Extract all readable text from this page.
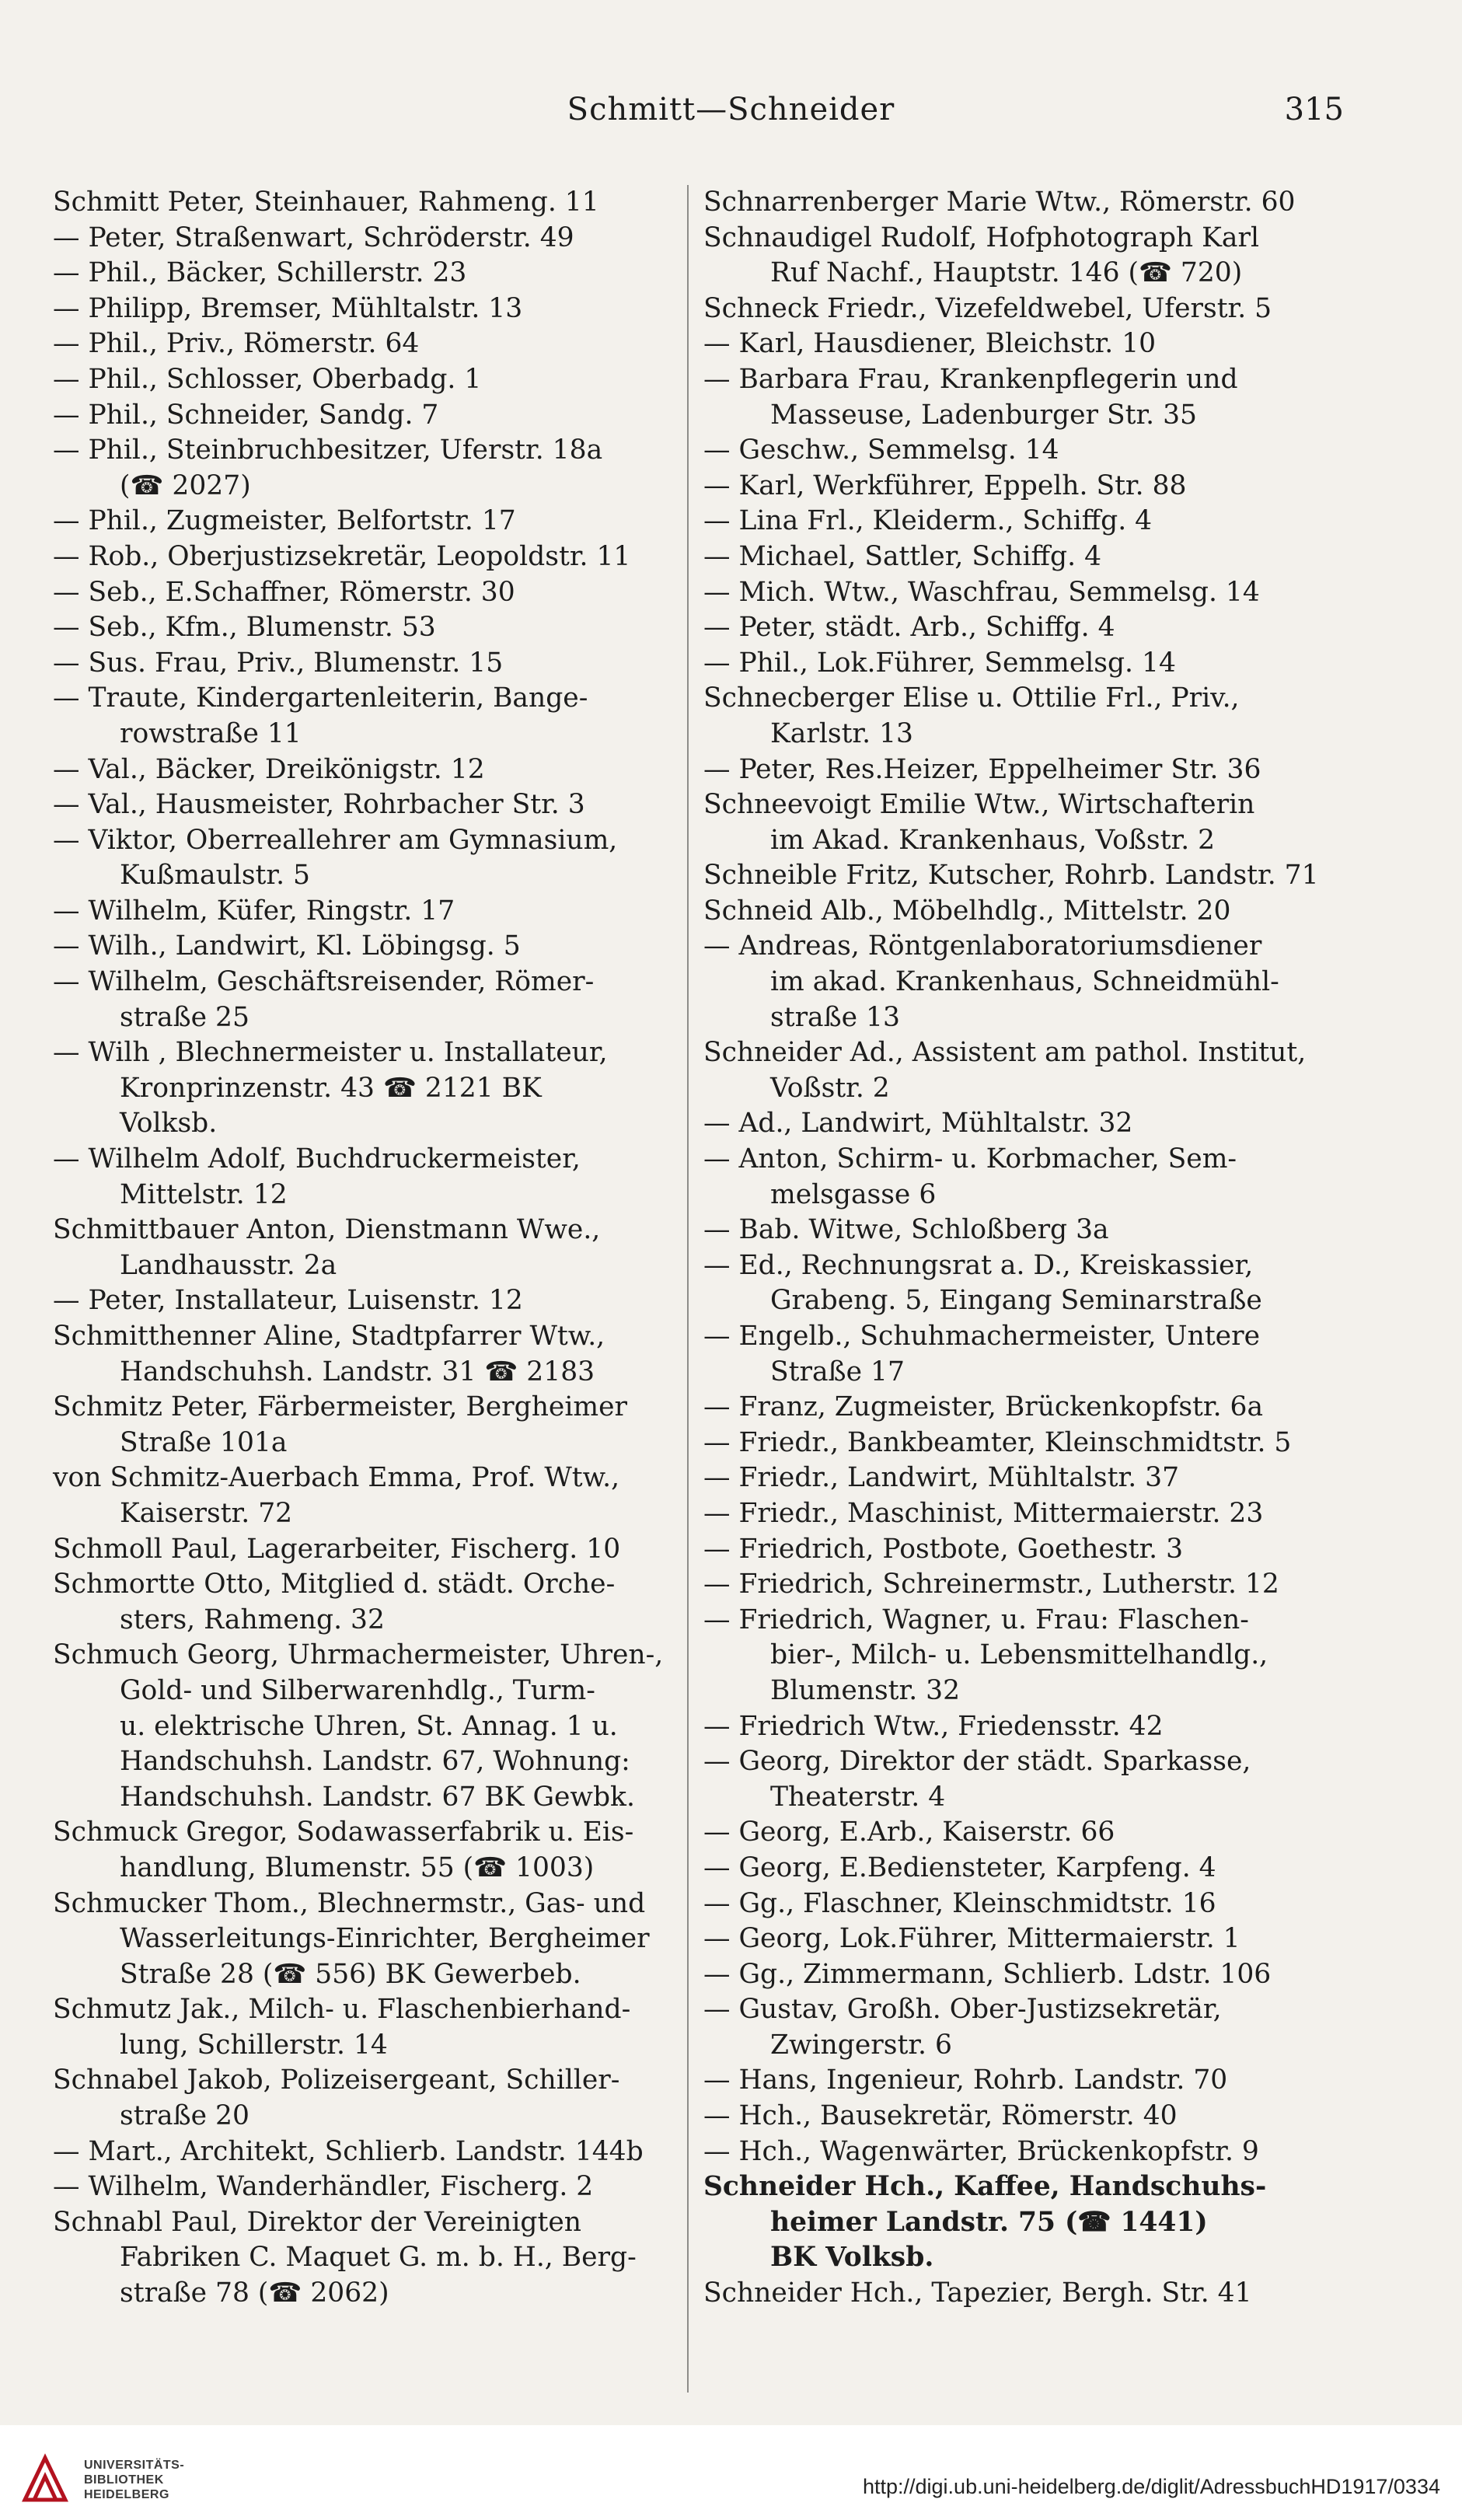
Schmitt—Schneider	315
Schmitt Peter, Steinhauer, Rahmeng. 11
— Peter, Straßenwart, Schröderstr. 49
— Phil., Bäcker, Schillerstr. 23
— Philipp, Bremser, Mühltalstr. 13
— Phil., Priv., Römerstr. 64
— Phil., Schlosser, Oberbadg. 1
— Phil., Schneider, Sandg. 7
— Phil., Steinbruchbesitzer, Uferstr. 18a
(☎ 2027)
— Phil., Zugmeister, Belfortstr. 17
— Rob., Oberjustizsekretär, Leopoldstr. 11
— Seb., E.Schaffner, Römerstr. 30
— Seb., Kfm., Blumenstr. 53
— Sus. Frau, Priv., Blumenstr. 15
— Traute, Kindergartenleiterin, Bange-
rowstraße 11
— Val., Bäcker, Dreikönigstr. 12
— Val., Hausmeister, Rohrbacher Str. 3
— Viktor, Oberreallehrer am Gymnasium,
Kußmaulstr. 5
— Wilhelm, Küfer, Ringstr. 17
— Wilh., Landwirt, Kl. Löbingsg. 5
— Wilhelm, Geschäftsreisender, Römer-
straße 25
— Wilh , Blechnermeister u. Installateur,
Kronprinzenstr. 43 ☎ 2121 BK
Volksb.
— Wilhelm Adolf, Buchdruckermeister,
Mittelstr. 12
Schmittbauer Anton, Dienstmann Wwe.,
Landhausstr. 2a
— Peter, Installateur, Luisenstr. 12
Schmitthenner Aline, Stadtpfarrer Wtw.,
Handschuhsh. Landstr. 31 ☎ 2183
Schmitz Peter, Färbermeister, Bergheimer
Straße 101a
von Schmitz-Auerbach Emma, Prof. Wtw.,
Kaiserstr. 72
Schmoll Paul, Lagerarbeiter, Fischerg. 10
Schmortte Otto, Mitglied d. städt. Orche-
sters, Rahmeng. 32
Schmuch Georg, Uhrmachermeister, Uhren-,
Gold- und Silberwarenhdlg., Turm-
u. elektrische Uhren, St. Annag. 1 u.
Handschuhsh. Landstr. 67, Wohnung:
Handschuhsh. Landstr. 67 BK Gewbk.
Schmuck Gregor, Sodawasserfabrik u. Eis-
handlung, Blumenstr. 55 (☎ 1003)
Schmucker Thom., Blechnermstr., Gas- und
Wasserleitungs-Einrichter, Bergheimer
Straße 28 (☎ 556) BK Gewerbeb.
Schmutz Jak., Milch- u. Flaschenbierhand-
lung, Schillerstr. 14
Schnabel Jakob, Polizeisergeant, Schiller-
straße 20
— Mart., Architekt, Schlierb. Landstr. 144b
— Wilhelm, Wanderhändler, Fischerg. 2
Schnabl Paul, Direktor der Vereinigten
Fabriken C. Maquet G. m. b. H., Berg-
straße 78 (☎ 2062)
Schnarrenberger Marie Wtw., Römerstr. 60
Schnaudigel Rudolf, Hofphotograph Karl
Ruf Nachf., Hauptstr. 146 (☎ 720)
Schneck Friedr., Vizefeldwebel, Uferstr. 5
— Karl, Hausdiener, Bleichstr. 10
— Barbara Frau, Krankenpflegerin und
Masseuse, Ladenburger Str. 35
— Geschw., Semmelsg. 14
— Karl, Werkführer, Eppelh. Str. 88
— Lina Frl., Kleiderm., Schiffg. 4
— Michael, Sattler, Schiffg. 4
— Mich. Wtw., Waschfrau, Semmelsg. 14
— Peter, städt. Arb., Schiffg. 4
— Phil., Lok.Führer, Semmelsg. 14
Schnecberger Elise u. Ottilie Frl., Priv.,
Karlstr. 13
— Peter, Res.Heizer, Eppelheimer Str. 36
Schneevoigt Emilie Wtw., Wirtschafterin
im Akad. Krankenhaus, Voßstr. 2
Schneible Fritz, Kutscher, Rohrb. Landstr. 71
Schneid Alb., Möbelhdlg., Mittelstr. 20
— Andreas, Röntgenlaboratoriumsdiener
im akad. Krankenhaus, Schneidmühl-
straße 13
Schneider Ad., Assistent am pathol. Institut,
Voßstr. 2
— Ad., Landwirt, Mühltalstr. 32
— Anton, Schirm- u. Korbmacher, Sem-
melsgasse 6
— Bab. Witwe, Schloßberg 3a
— Ed., Rechnungsrat a. D., Kreiskassier,
Grabeng. 5, Eingang Seminarstraße
— Engelb., Schuhmachermeister, Untere
Straße 17
— Franz, Zugmeister, Brückenkopfstr. 6a
— Friedr., Bankbeamter, Kleinschmidtstr. 5
— Friedr., Landwirt, Mühltalstr. 37
— Friedr., Maschinist, Mittermaierstr. 23
— Friedrich, Postbote, Goethestr. 3
— Friedrich, Schreinermstr., Lutherstr. 12
— Friedrich, Wagner, u. Frau: Flaschen-
bier-, Milch- u. Lebensmittelhandlg.,
Blumenstr. 32
— Friedrich Wtw., Friedensstr. 42
— Georg, Direktor der städt. Sparkasse,
Theaterstr. 4
— Georg, E.Arb., Kaiserstr. 66
— Georg, E.Bediensteter, Karpfeng. 4
— Gg., Flaschner, Kleinschmidtstr. 16
— Georg, Lok.Führer, Mittermaierstr. 1
— Gg., Zimmermann, Schlierb. Ldstr. 106
— Gustav, Großh. Ober-Justizsekretär,
Zwingerstr. 6
— Hans, Ingenieur, Rohrb. Landstr. 70
— Hch., Bausekretär, Römerstr. 40
— Hch., Wagenwärter, Brückenkopfstr. 9
Schneider Hch., Kaffee, Handschuhs-
heimer Landstr. 75 (☎ 1441)
BK Volksb.
Schneider Hch., Tapezier, Bergh. Str. 41
UNIVERSITÄTS-
BIBLIOTHEK
HEIDELBERG	http://digi.ub.uni-heidelberg.de/diglit/AdressbuchHD1917/0334
